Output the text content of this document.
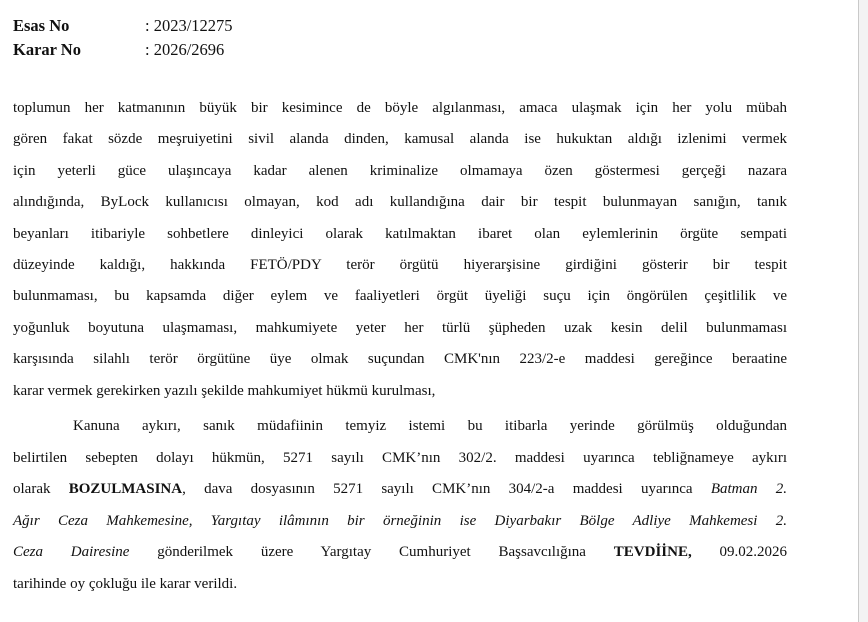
Esas No	: 2023/12275
Karar No	: 2026/2696
toplumun her katmanının büyük bir kesimince de böyle algılanması, amaca ulaşmak için her yolu mübah
gören fakat sözde meşruiyetini sivil alanda dinden, kamusal alanda ise hukuktan aldığı izlenimi vermek
için yeterli güce ulaşıncaya kadar alenen kriminalize olmamaya özen göstermesi gerçeği nazara
alındığında, ByLock kullanıcısı olmayan, kod adı kullandığına dair bir tespit bulunmayan sanığın, tanık
beyanları itibariyle sohbetlere dinleyici olarak katılmaktan ibaret olan eylemlerinin örgüte sempati
düzeyinde kaldığı, hakkında FETÖ/PDY terör örgütü hiyerarşisine girdiğini gösterir bir tespit
bulunmaması, bu kapsamda diğer eylem ve faaliyetleri örgüt üyeliği suçu için öngörülen çeşitlilik ve
yoğunluk boyutuna ulaşmaması, mahkumiyete yeter her türlü şüpheden uzak kesin delil bulunmaması
karşısında silahlı terör örgütüne üye olmak suçundan CMK'nın 223/2-e maddesi gereğince beraatine
karar vermek gerekirken yazılı şekilde mahkumiyet hükmü kurulması,
Kanuna aykırı, sanık müdafiinin temyiz istemi bu itibarla yerinde görülmüş olduğundan
belirtilen sebepten dolayı hükmün, 5271 sayılı CMK’nın 302/2. maddesi uyarınca tebliğnameye aykırı
olarak BOZULMASINA, dava dosyasının 5271 sayılı CMK’nın 304/2-a maddesi uyarınca Batman 2.
Ağır Ceza Mahkemesine, Yargıtay ilâmının bir örneğinin ise Diyarbakır Bölge Adliye Mahkemesi 2.
Ceza Dairesine gönderilmek üzere Yargıtay Cumhuriyet Başsavcılığına TEVDİİNE, 09.02.2026
tarihinde oy çokluğu ile karar verildi.
